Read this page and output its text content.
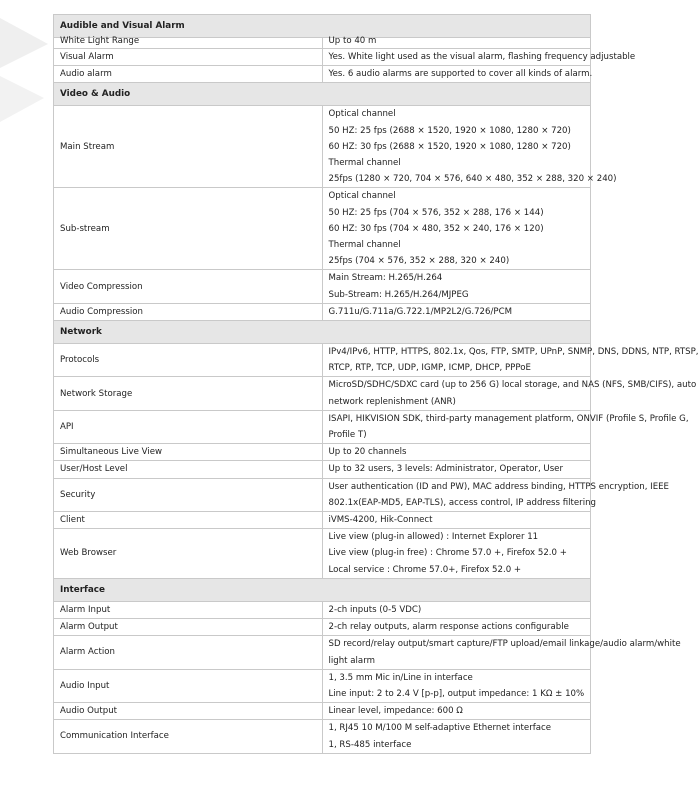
Audible and Visual Alarm	
White Light Range	Up to 40 m

Visual Alarm	Yes. White light used as the visual alarm, flashing frequency adjustable

Audio alarm	Yes. 6 audio alarms are supported to cover all kinds of alarm.

Video & Audio	
Main Stream	Optical channel
50 HZ: 25 fps (2688 × 1520, 1920 × 1080, 1280 × 720)
60 HZ: 30 fps (2688 × 1520, 1920 × 1080, 1280 × 720)
Thermal channel
25fps (1280 × 720, 704 × 576, 640 × 480, 352 × 288, 320 × 240)

Sub-stream	Optical channel
50 HZ: 25 fps (704 × 576, 352 × 288, 176 × 144)
60 HZ: 30 fps (704 × 480, 352 × 240, 176 × 120)
Thermal channel
25fps (704 × 576, 352 × 288, 320 × 240)

Video Compression	Main Stream: H.265/H.264
Sub-Stream: H.265/H.264/MJPEG

Audio Compression	G.711u/G.711a/G.722.1/MP2L2/G.726/PCM

Network	
Protocols	IPv4/IPv6, HTTP, HTTPS, 802.1x, Qos, FTP, SMTP, UPnP, SNMP, DNS, DDNS, NTP, RTSP,
RTCP, RTP, TCP, UDP, IGMP, ICMP, DHCP, PPPoE

Network Storage	MicroSD/SDHC/SDXC card (up to 256 G) local storage, and NAS (NFS, SMB/CIFS), auto
network replenishment (ANR)

API	ISAPI, HIKVISION SDK, third-party management platform, ONVIF (Profile S, Profile G,
Profile T)

Simultaneous Live View	Up to 20 channels

User/Host Level	Up to 32 users, 3 levels: Administrator, Operator, User

Security	User authentication (ID and PW), MAC address binding, HTTPS encryption, IEEE
802.1x(EAP-MD5, EAP-TLS), access control, IP address filtering

Client	iVMS-4200, Hik-Connect

Web Browser	Live view (plug-in allowed) : Internet Explorer 11
Live view (plug-in free) : Chrome 57.0 +, Firefox 52.0 +
Local service : Chrome 57.0+, Firefox 52.0 +

Interface	
Alarm Input	2-ch inputs (0-5 VDC)

Alarm Output	2-ch relay outputs, alarm response actions configurable

Alarm Action	SD record/relay output/smart capture/FTP upload/email linkage/audio alarm/white
light alarm

Audio Input	1, 3.5 mm Mic in/Line in interface
Line input: 2 to 2.4 V [p-p], output impedance: 1 KΩ ± 10%

Audio Output	Linear level, impedance: 600 Ω

Communication Interface	1, RJ45 10 M/100 M self-adaptive Ethernet interface
1, RS-485 interface
